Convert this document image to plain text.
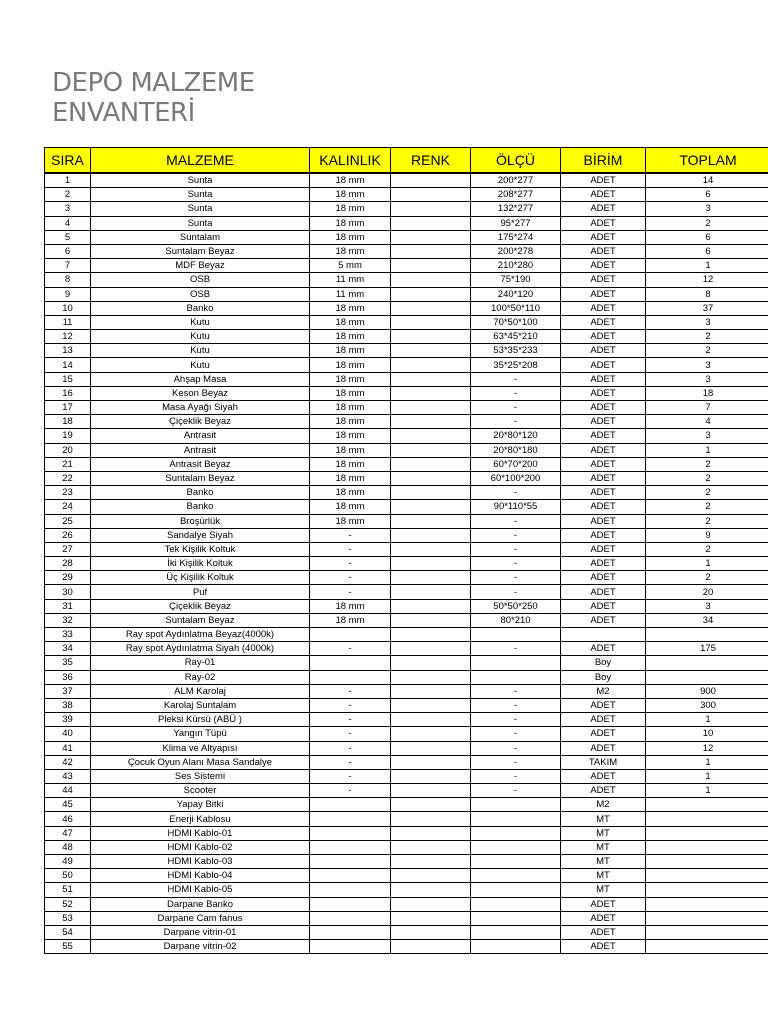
DEPO MALZEME
ENVANTERİ
SIRA	MALZEME	KALINLIK	RENK	ÖLÇÜ	BİRİM	TOPLAM
1	Sunta	18 mm		200*277	ADET	14
2	Sunta	18 mm		208*277	ADET	6
3	Sunta	18 mm		132*277	ADET	3
4	Sunta	18 mm		95*277	ADET	2
5	Suntalam	18 mm		175*274	ADET	6
6	Suntalam Beyaz	18 mm		200*278	ADET	6
7	MDF Beyaz	5 mm		210*280	ADET	1
8	OSB	11 mm		75*190	ADET	12
9	OSB	11 mm		240*120	ADET	8
10	Banko	18 mm		100*50*110	ADET	37
11	Kutu	18 mm		70*50*100	ADET	3
12	Kutu	18 mm		63*45*210	ADET	2
13	Kutu	18 mm		53*35*233	ADET	2
14	Kutu	18 mm		35*25*208	ADET	3
15	Ahşap Masa	18 mm		-	ADET	3
16	Keson Beyaz	18 mm		-	ADET	18
17	Masa Ayağı Siyah	18 mm		-	ADET	7
18	Çiçeklik Beyaz	18 mm		-	ADET	4
19	Antrasit	18 mm		20*80*120	ADET	3
20	Antrasit	18 mm		20*80*180	ADET	1
21	Antrasit Beyaz	18 mm		60*70*200	ADET	2
22	Suntalam Beyaz	18 mm		60*100*200	ADET	2
23	Banko	18 mm		-	ADET	2
24	Banko	18 mm		90*110*55	ADET	2
25	Broşürlük	18 mm		-	ADET	2
26	Sandalye Siyah	-		-	ADET	9
27	Tek Kişilik Koltuk	-		-	ADET	2
28	İki Kişilik Koltuk	-		-	ADET	1
29	Üç Kişilik Koltuk	-		-	ADET	2
30	Puf	-		-	ADET	20
31	Çiçeklik Beyaz	18 mm		50*50*250	ADET	3
32	Suntalam Beyaz	18 mm		80*210	ADET	34
33	Ray spot Aydınlatma Beyaz(4000k)					
34	Ray spot Aydınlatma Siyah (4000k)	-		-	ADET	175
35	Ray-01				Boy	
36	Ray-02				Boy	
37	ALM Karolaj	-		-	M2	900
38	Karolaj Suntalam	-		-	ADET	300
39	Pleksi Kürsü (ABÜ )	-		-	ADET	1
40	Yangın Tüpü	-		-	ADET	10
41	Klima ve Altyapısı	-		-	ADET	12
42	Çocuk Oyun Alanı Masa Sandalye	-		-	TAKIM	1
43	Ses Sistemi	-		-	ADET	1
44	Scooter	-		-	ADET	1
45	Yapay Bitki				M2	
46	Enerji Kablosu				MT	
47	HDMI Kablo-01				MT	
48	HDMI Kablo-02				MT	
49	HDMI Kablo-03				MT	
50	HDMI Kablo-04				MT	
51	HDMI Kablo-05				MT	
52	Darpane Banko				ADET	
53	Darpane Cam fanus				ADET	
54	Darpane vitrin-01				ADET	
55	Darpane vitrin-02				ADET	
